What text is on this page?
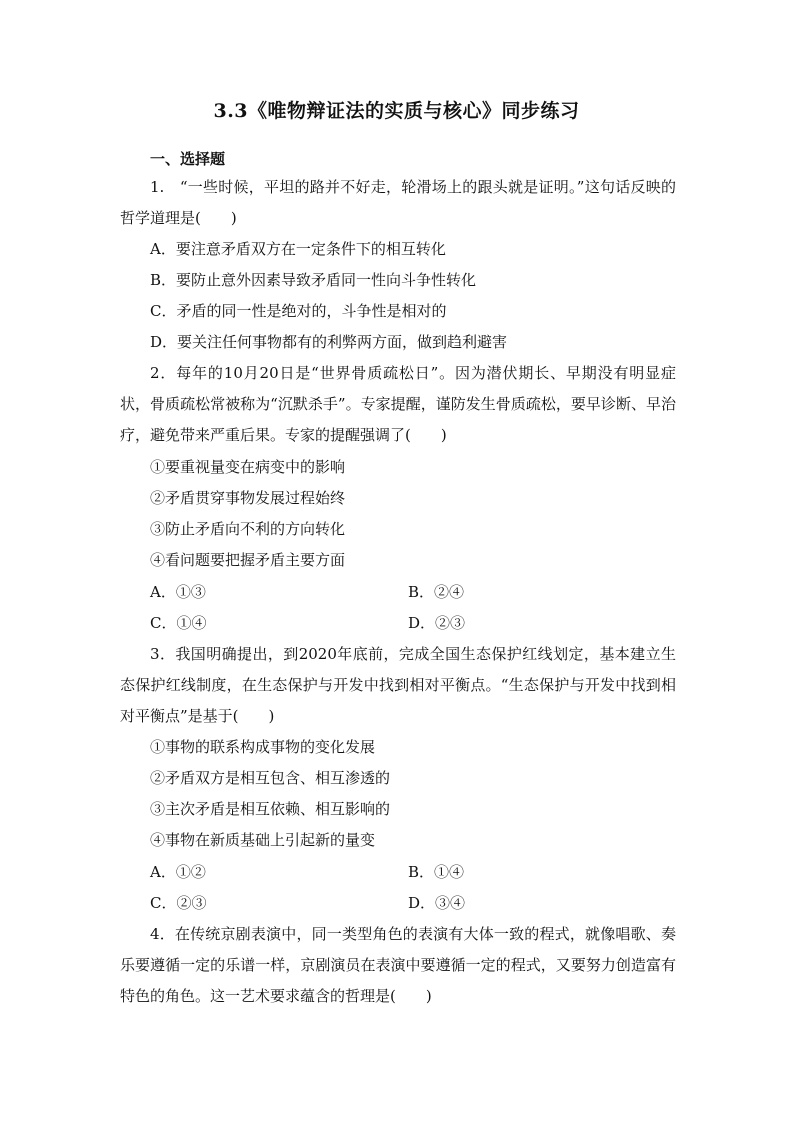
3.3《唯物辩证法的实质与核心》同步练习
一、选择题
1.　“一些时候，平坦的路并不好走，轮滑场上的跟头就是证明。”这句话反映的哲学道理是(　　)
A．要注意矛盾双方在一定条件下的相互转化
B．要防止意外因素导致矛盾同一性向斗争性转化
C．矛盾的同一性是绝对的，斗争性是相对的
D．要关注任何事物都有的利弊两方面，做到趋利避害
2．每年的10月20日是“世界骨质疏松日”。因为潜伏期长、早期没有明显症状，骨质疏松常被称为“沉默杀手”。专家提醒，谨防发生骨质疏松，要早诊断、早治疗，避免带来严重后果。专家的提醒强调了(　　)
①要重视量变在病变中的影响
②矛盾贯穿事物发展过程始终
③防止矛盾向不利的方向转化
④看问题要把握矛盾主要方面
A．①③	B．②④
C．①④	D．②③
3．我国明确提出，到2020年底前，完成全国生态保护红线划定，基本建立生态保护红线制度，在生态保护与开发中找到相对平衡点。“生态保护与开发中找到相对平衡点”是基于(　　)
①事物的联系构成事物的变化发展
②矛盾双方是相互包含、相互渗透的
③主次矛盾是相互依赖、相互影响的
④事物在新质基础上引起新的量变
A．①②	B．①④
C．②③	D．③④
4．在传统京剧表演中，同一类型角色的表演有大体一致的程式，就像唱歌、奏乐要遵循一定的乐谱一样，京剧演员在表演中要遵循一定的程式，又要努力创造富有特色的角色。这一艺术要求蕴含的哲理是(　　)
